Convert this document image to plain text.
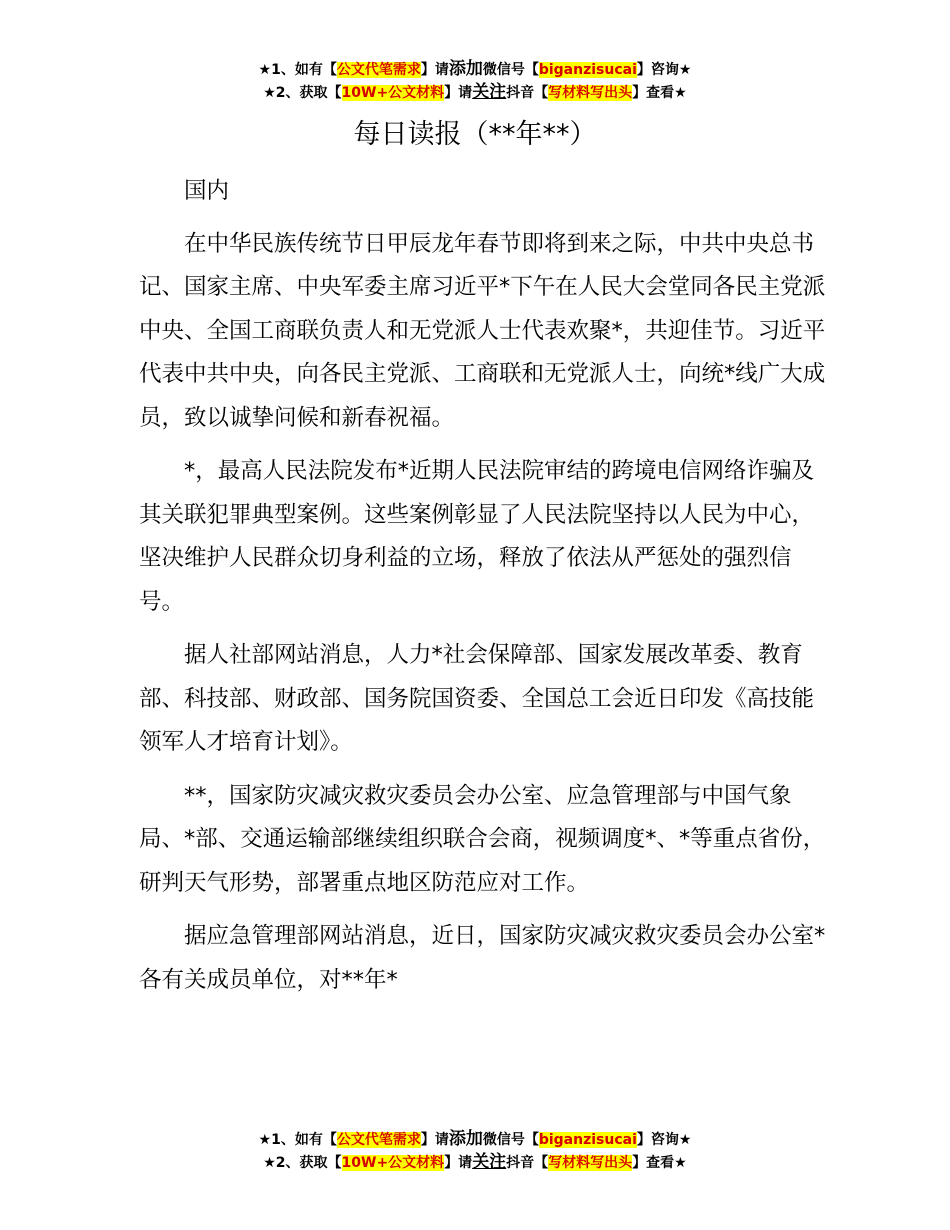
★1、如有【公文代笔需求】请添加微信号【biganzisucai】咨询★
★2、获取【10W+公文材料】请关注抖音【写材料写出头】查看★
每日读报（**年**）

国内

在中华民族传统节日甲辰龙年春节即将到来之际，中共中央总书记、国家主席、中央军委主席习近平*下午在人民大会堂同各民主党派中央、全国工商联负责人和无党派人士代表欢聚*，共迎佳节。习近平代表中共中央，向各民主党派、工商联和无党派人士，向统*线广大成员，致以诚挚问候和新春祝福。

*，最高人民法院发布*近期人民法院审结的跨境电信网络诈骗及其关联犯罪典型案例。这些案例彰显了人民法院坚持以人民为中心，坚决维护人民群众切身利益的立场，释放了依法从严惩处的强烈信号。

据人社部网站消息，人力*社会保障部、国家发展改革委、教育部、科技部、财政部、国务院国资委、全国总工会近日印发《高技能领军人才培育计划》。

**，国家防灾减灾救灾委员会办公室、应急管理部与中国气象局、*部、交通运输部继续组织联合会商，视频调度*、*等重点省份，研判天气形势，部署重点地区防范应对工作。

据应急管理部网站消息，近日，国家防灾减灾救灾委员会办公室*各有关成员单位，对**年*

★1、如有【公文代笔需求】请添加微信号【biganzisucai】咨询★
★2、获取【10W+公文材料】请关注抖音【写材料写出头】查看★
